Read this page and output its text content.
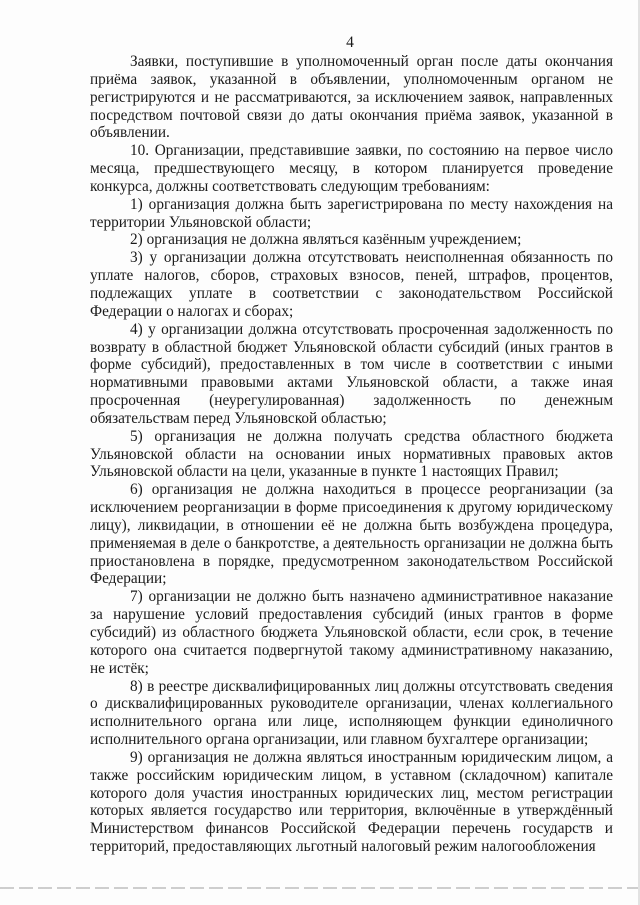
4

Заявки, поступившие в уполномоченный орган после даты окончания приёма заявок, указанной в объявлении, уполномоченным органом не регистрируются и не рассматриваются, за исключением заявок, направленных посредством почтовой связи до даты окончания приёма заявок, указанной в объявлении.

10. Организации, представившие заявки, по состоянию на первое число месяца, предшествующего месяцу, в котором планируется проведение конкурса, должны соответствовать следующим требованиям:

1) организация должна быть зарегистрирована по месту нахождения на территории Ульяновской области;

2) организация не должна являться казённым учреждением;

3) у организации должна отсутствовать неисполненная обязанность по уплате налогов, сборов, страховых взносов, пеней, штрафов, процентов, подлежащих уплате в соответствии с законодательством Российской Федерации о налогах и сборах;

4) у организации должна отсутствовать просроченная задолженность по возврату в областной бюджет Ульяновской области субсидий (иных грантов в форме субсидий), предоставленных в том числе в соответствии с иными нормативными правовыми актами Ульяновской области, а также иная просроченная (неурегулированная) задолженность по денежным обязательствам перед Ульяновской областью;

5) организация не должна получать средства областного бюджета Ульяновской области на основании иных нормативных правовых актов Ульяновской области на цели, указанные в пункте 1 настоящих Правил;

6) организация не должна находиться в процессе реорганизации (за исключением реорганизации в форме присоединения к другому юридическому лицу), ликвидации, в отношении её не должна быть возбуждена процедура, применяемая в деле о банкротстве, а деятельность организации не должна быть приостановлена в порядке, предусмотренном законодательством Российской Федерации;

7) организации не должно быть назначено административное наказание за нарушение условий предоставления субсидий (иных грантов в форме субсидий) из областного бюджета Ульяновской области, если срок, в течение которого она считается подвергнутой такому административному наказанию, не истёк;

8) в реестре дисквалифицированных лиц должны отсутствовать сведения о дисквалифицированных руководителе организации, членах коллегиального исполнительного органа или лице, исполняющем функции единоличного исполнительного органа организации, или главном бухгалтере организации;

9) организация не должна являться иностранным юридическим лицом, а также российским юридическим лицом, в уставном (складочном) капитале которого доля участия иностранных юридических лиц, местом регистрации которых является государство или территория, включённые в утверждённый Министерством финансов Российской Федерации перечень государств и территорий, предоставляющих льготный налоговый режим налогообложения
